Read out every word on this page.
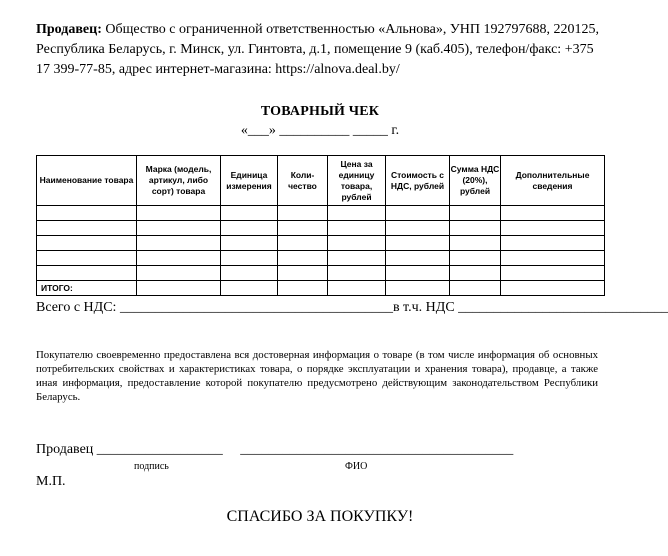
Продавец: Общество с ограниченной ответственностью «Альнова», УНП 192797688, 220125, Республика Беларусь, г. Минск, ул. Гинтовта, д.1, помещение 9 (каб.405), телефон/факс: +375 17 399-77-85, адрес интернет-магазина: https://alnova.deal.by/
ТОВАРНЫЙ ЧЕК
«___» __________ _____ г.
Наименование товара	Марка (модель, артикул, либо сорт) товара	Единица измерения	Коли-чество	Цена за единицу товара, рублей	Стоимость с НДС, рублей	Сумма НДС (20%), рублей	Дополнительные сведения

ИТОГО:							
Всего с НДС: _______________________________________в т.ч. НДС ______________________________
Покупателю своевременно предоставлена вся достоверная информация о товаре (в том числе информация об основных потребительских свойствах и характеристиках товара, о порядке эксплуатации и хранения товара), продавце, а также иная информация, предоставление которой покупателю предусмотрено действующим законодательством Республики Беларусь.
Продавец __________________ _______________________________________
подпись	ФИО
М.П.
СПАСИБО ЗА ПОКУПКУ!
